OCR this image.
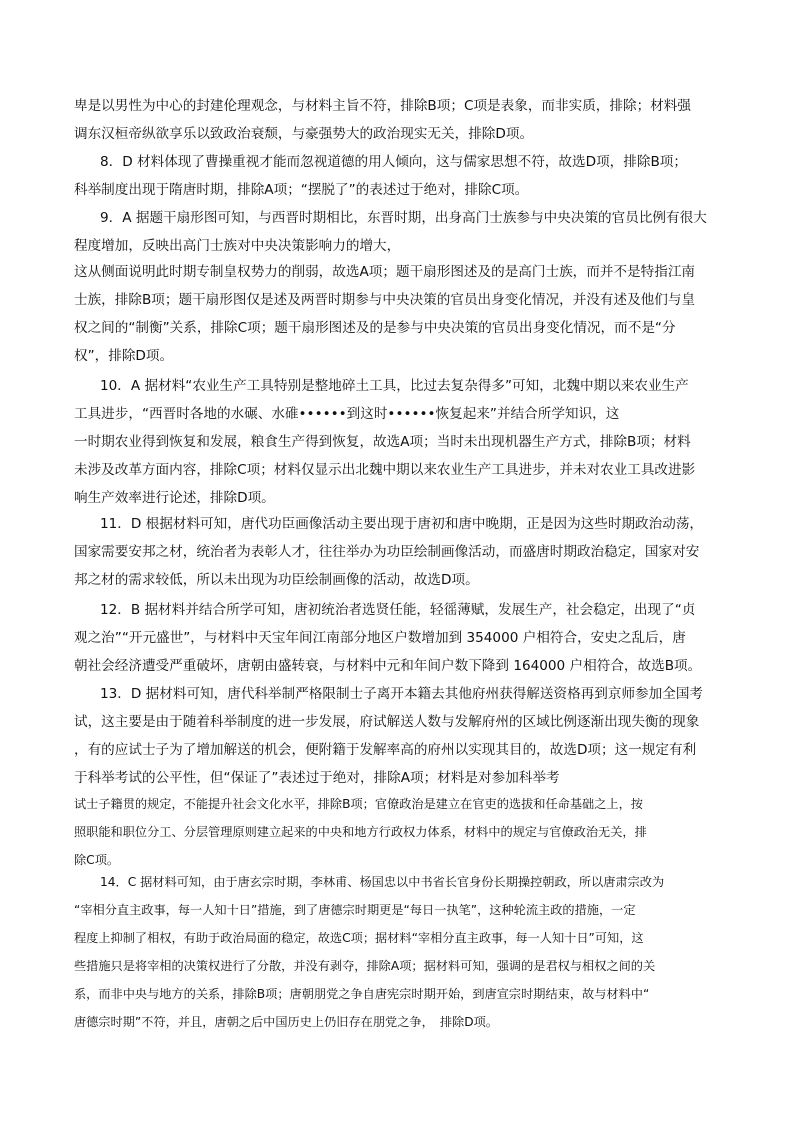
卑是以男性为中心的封建伦理观念，与材料主旨不符，排除B项；C项是表象，而非实质，排除；材料强
调东汉桓帝纵欲享乐以致政治衰颓，与豪强势大的政治现实无关，排除D项。
8．D 材料体现了曹操重视才能而忽视道德的用人倾向，这与儒家思想不符，故选D项，排除B项；
科举制度出现于隋唐时期，排除A项；“摆脱了”的表述过于绝对，排除C项。
9．A 据题干扇形图可知，与西晋时期相比，东晋时期，出身高门士族参与中央决策的官员比例有很大
程度增加，反映出高门士族对中央决策影响力的增大，
这从侧面说明此时期专制皇权势力的削弱，故选A项；题干扇形图述及的是高门士族，而并不是特指江南
士族，排除B项；题干扇形图仅是述及两晋时期参与中央决策的官员出身变化情况，并没有述及他们与皇
权之间的“制衡”关系，排除C项；题干扇形图述及的是参与中央决策的官员出身变化情况，而不是“分
权”，排除D项。
10．A 据材料“农业生产工具特别是整地碎土工具，比过去复杂得多”可知，北魏中期以来农业生产
工具进步，“西晋时各地的水碾、水碓••••••到这时••••••恢复起来”并结合所学知识，这
一时期农业得到恢复和发展，粮食生产得到恢复，故选A项；当时未出现机器生产方式，排除B项；材料
未涉及改革方面内容，排除C项；材料仅显示出北魏中期以来农业生产工具进步，并未对农业工具改进影
响生产效率进行论述，排除D项。
11．D 根据材料可知，唐代功臣画像活动主要出现于唐初和唐中晚期，正是因为这些时期政治动荡，
国家需要安邦之材，统治者为表彰人才，往往举办为功臣绘制画像活动，而盛唐时期政治稳定，国家对安
邦之材的需求较低，所以未出现为功臣绘制画像的活动，故选D项。
12．B 据材料并结合所学可知，唐初统治者选贤任能，轻徭薄赋，发展生产，社会稳定，出现了“贞
观之治”“开元盛世”，与材料中天宝年间江南部分地区户数增加到 354000 户相符合，安史之乱后，唐
朝社会经济遭受严重破坏，唐朝由盛转衰，与材料中元和年间户数下降到 164000 户相符合，故选B项。
13．D 据材料可知，唐代科举制严格限制士子离开本籍去其他府州获得解送资格再到京师参加全国考
试，这主要是由于随着科举制度的进一步发展，府试解送人数与发解府州的区域比例逐渐出现失衡的现象
，有的应试士子为了增加解送的机会，便附籍于发解率高的府州以实现其目的，故选D项；这一规定有利
于科举考试的公平性，但“保证了”表述过于绝对，排除A项；材料是对参加科举考
试士子籍贯的规定，不能提升社会文化水平，排除B项；官僚政治是建立在官吏的选拔和任命基础之上，按
照职能和职位分工、分层管理原则建立起来的中央和地方行政权力体系，材料中的规定与官僚政治无关，排
除C项。
14．C 据材料可知，由于唐玄宗时期，李林甫、杨国忠以中书省长官身份长期操控朝政，所以唐肃宗改为
“宰相分直主政事，每一人知十日”措施，到了唐德宗时期更是“每日一执笔”，这种轮流主政的措施，一定
程度上抑制了相权，有助于政治局面的稳定，故选C项；据材料“宰相分直主政事，每一人知十日”可知，这
些措施只是将宰相的决策权进行了分散，并没有剥夺，排除A项；据材料可知，强调的是君权与相权之间的关
系，而非中央与地方的关系，排除B项；唐朝朋党之争自唐宪宗时期开始，到唐宣宗时期结束，故与材料中“
唐德宗时期”不符，并且，唐朝之后中国历史上仍旧存在朋党之争，　排除D项。
